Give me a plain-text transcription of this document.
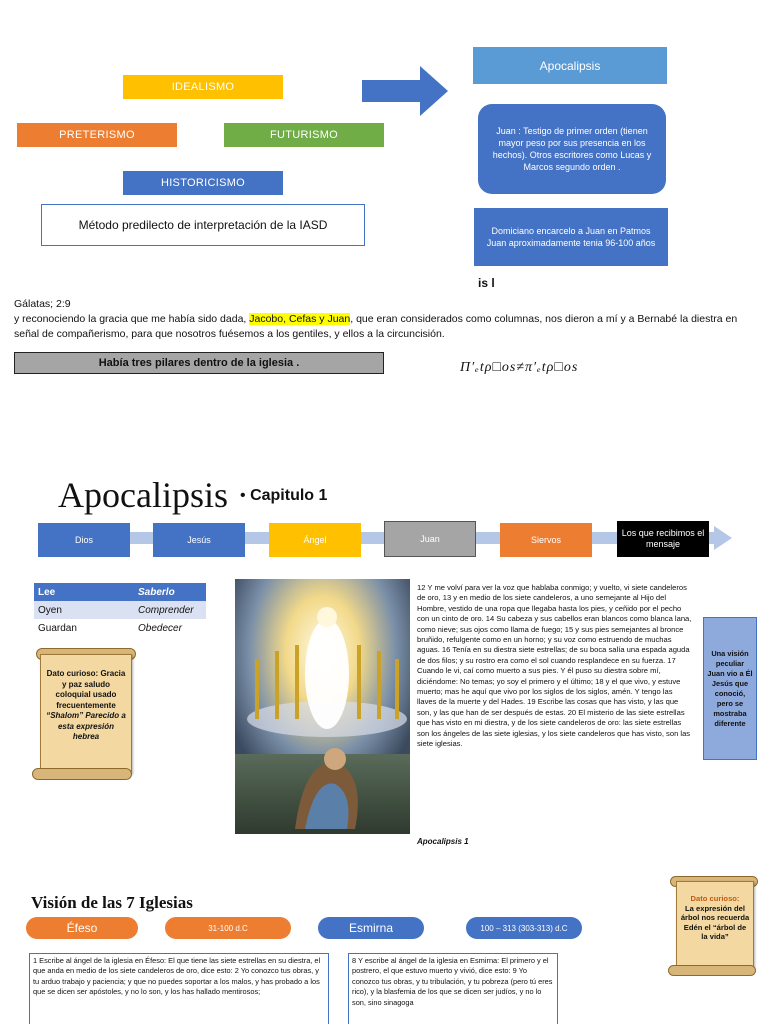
IDEALISMO
PRETERISMO	FUTURISMO
HISTORICISMO
Método predilecto de interpretación de la IASD
Apocalipsis
Juan : Testigo de primer orden (tienen mayor peso por sus presencia en los hechos). Otros escritores como Lucas y Marcos segundo orden .
Domiciano encarcelo a Juan en Patmos Juan aproximadamente tenia 96-100 años
is l
Gálatas; 2:9
y reconociendo la gracia que me había sido dada, Jacobo, Cefas y Juan, que eran considerados como columnas, nos dieron a mí y a Bernabé la diestra en señal de compañerismo, para que nosotros fuésemos a los gentiles, y ellos a la circuncisión.
Había tres pilares dentro de la iglesia .	Π′ₑtρ□os≠π′ₑtρ□os
Apocalipsis • Capitulo 1
Dios	Jesús	Ángel	Juan	Siervos
Los que recibimos el mensaje
Lee	Saberlo
Oyen	Comprender
Guardan	Obedecer
Dato curioso: Gracia y paz saludo coloquial usado frecuentemente
“Shalom” Parecido a esta expresión hebrea
12 Y me volví para ver la voz que hablaba conmigo; y vuelto, vi siete candeleros de oro, 13 y en medio de los siete candeleros, a uno semejante al Hijo del Hombre, vestido de una ropa que llegaba hasta los pies, y ceñido por el pecho con un cinto de oro. 14 Su cabeza y sus cabellos eran blancos como blanca lana, como nieve; sus ojos como llama de fuego; 15 y sus pies semejantes al bronce bruñido, refulgente como en un horno; y su voz como estruendo de muchas aguas. 16 Tenía en su diestra siete estrellas; de su boca salía una espada aguda de dos filos; y su rostro era como el sol cuando resplandece en su fuerza. 17 Cuando le vi, caí como muerto a sus pies. Y él puso su diestra sobre mí, diciéndome: No temas; yo soy el primero y el último; 18 y el que vivo, y estuve muerto; mas he aquí que vivo por los siglos de los siglos, amén. Y tengo las llaves de la muerte y del Hades. 19 Escribe las cosas que has visto, y las que son, y las que han de ser después de estas. 20 El misterio de las siete estrellas que has visto en mi diestra, y de los siete candeleros de oro: las siete estrellas son los ángeles de las siete iglesias, y los siete candeleros que has visto, son las siete iglesias.
Apocalipsis 1
Una visión peculiar Juan vio a Él Jesús que conoció, pero se mostraba diferente
Visión de las 7 Iglesias
Éfeso	31-100 d.C	Esmirna	100 – 313 (303-313) d.C
1 Escribe al ángel de la iglesia en Éfeso: El que tiene las siete estrellas en su diestra, el que anda en medio de los siete candeleros de oro, dice esto: 2 Yo conozco tus obras, y tu arduo trabajo y paciencia; y que no puedes soportar a los malos, y has probado a los que se dicen ser apóstoles, y no lo son, y los has hallado mentirosos;
8 Y escribe al ángel de la iglesia en Esmirna: El primero y el postrero, el que estuvo muerto y vivió, dice esto: 9 Yo conozco tus obras, y tu tribulación, y tu pobreza (pero tú eres rico), y la blasfemia de los que se dicen ser judíos, y no lo son, sino sinagoga
Dato curioso:
La expresión del árbol nos recuerda Edén el “árbol de la vida”
